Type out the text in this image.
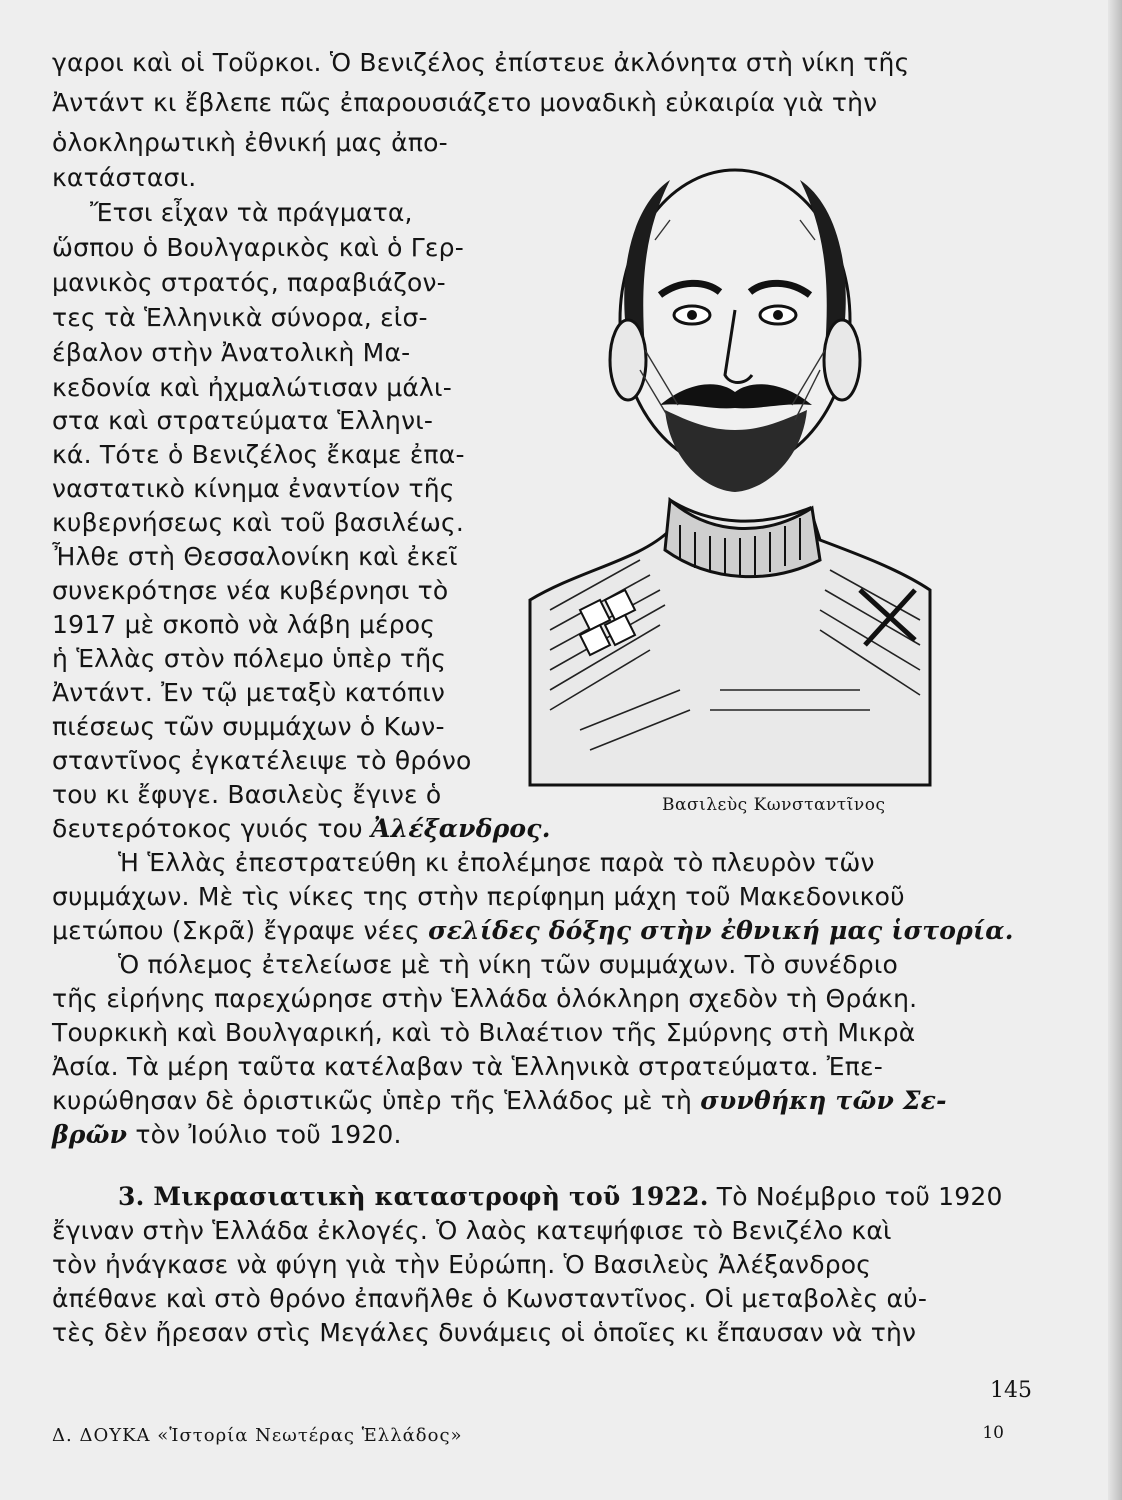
γαροι καὶ οἱ Τοῦρκοι. Ὁ Βενιζέλος ἐπίστευε ἀκλόνητα στὴ νίκη τῆς
Ἀντάντ κι ἔβλεπε πῶς ἐπαρουσιάζετο μοναδικὴ εὐκαιρία γιὰ τὴν
ὁλοκληρωτικὴ ἐθνική μας ἀπο-
κατάστασι.
Ἔτσι εἶχαν τὰ πράγματα,
ὥσπου ὁ Βουλγαρικὸς καὶ ὁ Γερ-
μανικὸς στρατός, παραβιάζον-
τες τὰ Ἑλληνικὰ σύνορα, εἰσ-
έβαλον στὴν Ἀνατολικὴ Μα-
κεδονία καὶ ἠχμαλώτισαν μάλι-
στα καὶ στρατεύματα Ἑλληνι-
κά. Τότε ὁ Βενιζέλος ἔκαμε ἐπα-
ναστατικὸ κίνημα ἐναντίον τῆς
κυβερνήσεως καὶ τοῦ βασιλέως.
Ἦλθε στὴ Θεσσαλονίκη καὶ ἐκεῖ
συνεκρότησε νέα κυβέρνησι τὸ
1917 μὲ σκοπὸ νὰ λάβη μέρος
ἡ Ἑλλὰς στὸν πόλεμο ὑπὲρ τῆς
Ἀντάντ. Ἐν τῷ μεταξὺ κατόπιν
πιέσεως τῶν συμμάχων ὁ Κων-
σταντῖνος ἐγκατέλειψε τὸ θρόνο
του κι ἔφυγε. Βασιλεὺς ἔγινε ὁ
δευτερότοκος γυιός του Ἀλέξανδρος.
Βασιλεὺς Κωνσταντῖνος
Ἡ Ἑλλὰς ἐπεστρατεύθη κι ἐπολέμησε παρὰ τὸ πλευρὸν τῶν
συμμάχων. Μὲ τὶς νίκες της στὴν περίφημη μάχη τοῦ Μακεδονικοῦ
μετώπου (Σκρᾶ) ἔγραψε νέες σελίδες δόξης στὴν ἐθνική μας ἱστορία.
Ὁ πόλεμος ἐτελείωσε μὲ τὴ νίκη τῶν συμμάχων. Τὸ συνέδριο
τῆς εἰρήνης παρεχώρησε στὴν Ἑλλάδα ὁλόκληρη σχεδὸν τὴ Θράκη.
Τουρκικὴ καὶ Βουλγαρική, καὶ τὸ Βιλαέτιον τῆς Σμύρνης στὴ Μικρὰ
Ἀσία. Τὰ μέρη ταῦτα κατέλαβαν τὰ Ἑλληνικὰ στρατεύματα. Ἐπε-
κυρώθησαν δὲ ὁριστικῶς ὑπὲρ τῆς Ἑλλάδος μὲ τὴ συνθήκη τῶν Σε-
βρῶν τὸν Ἰούλιο τοῦ 1920.
3. Μικρασιατικὴ καταστροφὴ τοῦ 1922. Τὸ Νοέμβριο τοῦ 1920
ἔγιναν στὴν Ἑλλάδα ἐκλογές. Ὁ λαὸς κατεψήφισε τὸ Βενιζέλο καὶ
τὸν ἠνάγκασε νὰ φύγη γιὰ τὴν Εὐρώπη. Ὁ Βασιλεὺς Ἀλέξανδρος
ἀπέθανε καὶ στὸ θρόνο ἐπανῆλθε ὁ Κωνσταντῖνος. Οἱ μεταβολὲς αὐ-
τὲς δὲν ἤρεσαν στὶς Μεγάλες δυνάμεις οἱ ὁποῖες κι ἔπαυσαν νὰ τὴν
145
Δ. ΔΟΥΚΑ «Ἱστορία Νεωτέρας Ἑλλάδος»	10
